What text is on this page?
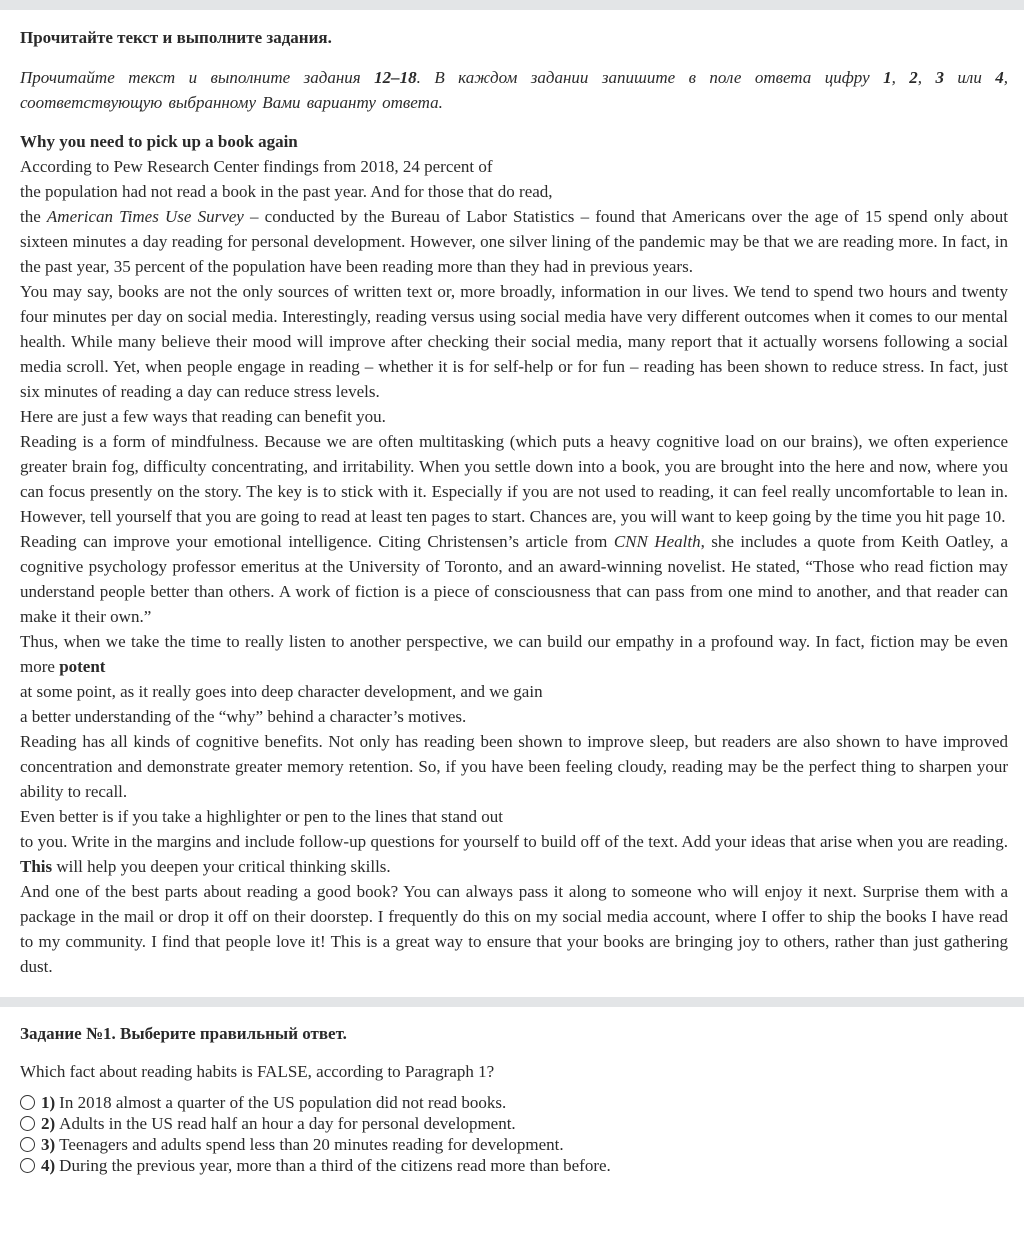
Прочитайте текст и выполните задания.
Прочитайте текст и выполните задания 12–18. В каждом задании запишите в поле ответа цифру 1, 2, 3 или 4, соответствующую выбранному Вами варианту ответа.
Why you need to pick up a book again
According to Pew Research Center findings from 2018, 24 percent of
the population had not read a book in the past year. And for those that do read,
the American Times Use Survey – conducted by the Bureau of Labor Statistics – found that Americans over the age of 15 spend only about sixteen minutes a day reading for personal development. However, one silver lining of the pandemic may be that we are reading more. In fact, in the past year, 35 percent of the population have been reading more than they had in previous years.
You may say, books are not the only sources of written text or, more broadly, information in our lives. We tend to spend two hours and twenty four minutes per day on social media. Interestingly, reading versus using social media have very different outcomes when it comes to our mental health. While many believe their mood will improve after checking their social media, many report that it actually worsens following a social media scroll. Yet, when people engage in reading – whether it is for self-help or for fun – reading has been shown to reduce stress. In fact, just six minutes of reading a day can reduce stress levels.
Here are just a few ways that reading can benefit you.
Reading is a form of mindfulness. Because we are often multitasking (which puts a heavy cognitive load on our brains), we often experience greater brain fog, difficulty concentrating, and irritability. When you settle down into a book, you are brought into the here and now, where you can focus presently on the story. The key is to stick with it. Especially if you are not used to reading, it can feel really uncomfortable to lean in. However, tell yourself that you are going to read at least ten pages to start. Chances are, you will want to keep going by the time you hit page 10.
Reading can improve your emotional intelligence. Citing Christensen’s article from CNN Health, she includes a quote from Keith Oatley, a cognitive psychology professor emeritus at the University of Toronto, and an award-winning novelist. He stated, “Those who read fiction may understand people better than others. A work of fiction is a piece of consciousness that can pass from one mind to another, and that reader can make it their own.”
Thus, when we take the time to really listen to another perspective, we can build our empathy in a profound way. In fact, fiction may be even more potent
at some point, as it really goes into deep character development, and we gain
a better understanding of the “why” behind a character’s motives.
Reading has all kinds of cognitive benefits. Not only has reading been shown to improve sleep, but readers are also shown to have improved concentration and demonstrate greater memory retention. So, if you have been feeling cloudy, reading may be the perfect thing to sharpen your ability to recall.
Even better is if you take a highlighter or pen to the lines that stand out
to you. Write in the margins and include follow-up questions for yourself to build off of the text. Add your ideas that arise when you are reading. This will help you deepen your critical thinking skills.
And one of the best parts about reading a good book? You can always pass it along to someone who will enjoy it next. Surprise them with a package in the mail or drop it off on their doorstep. I frequently do this on my social media account, where I offer to ship the books I have read to my community. I find that people love it! This is a great way to ensure that your books are bringing joy to others, rather than just gathering dust.
Задание №1. Выберите правильный ответ.
Which fact about reading habits is FALSE, according to Paragraph 1?
1) In 2018 almost a quarter of the US population did not read books.
2) Adults in the US read half an hour a day for personal development.
3) Teenagers and adults spend less than 20 minutes reading for development.
4) During the previous year, more than a third of the citizens read more than before.
